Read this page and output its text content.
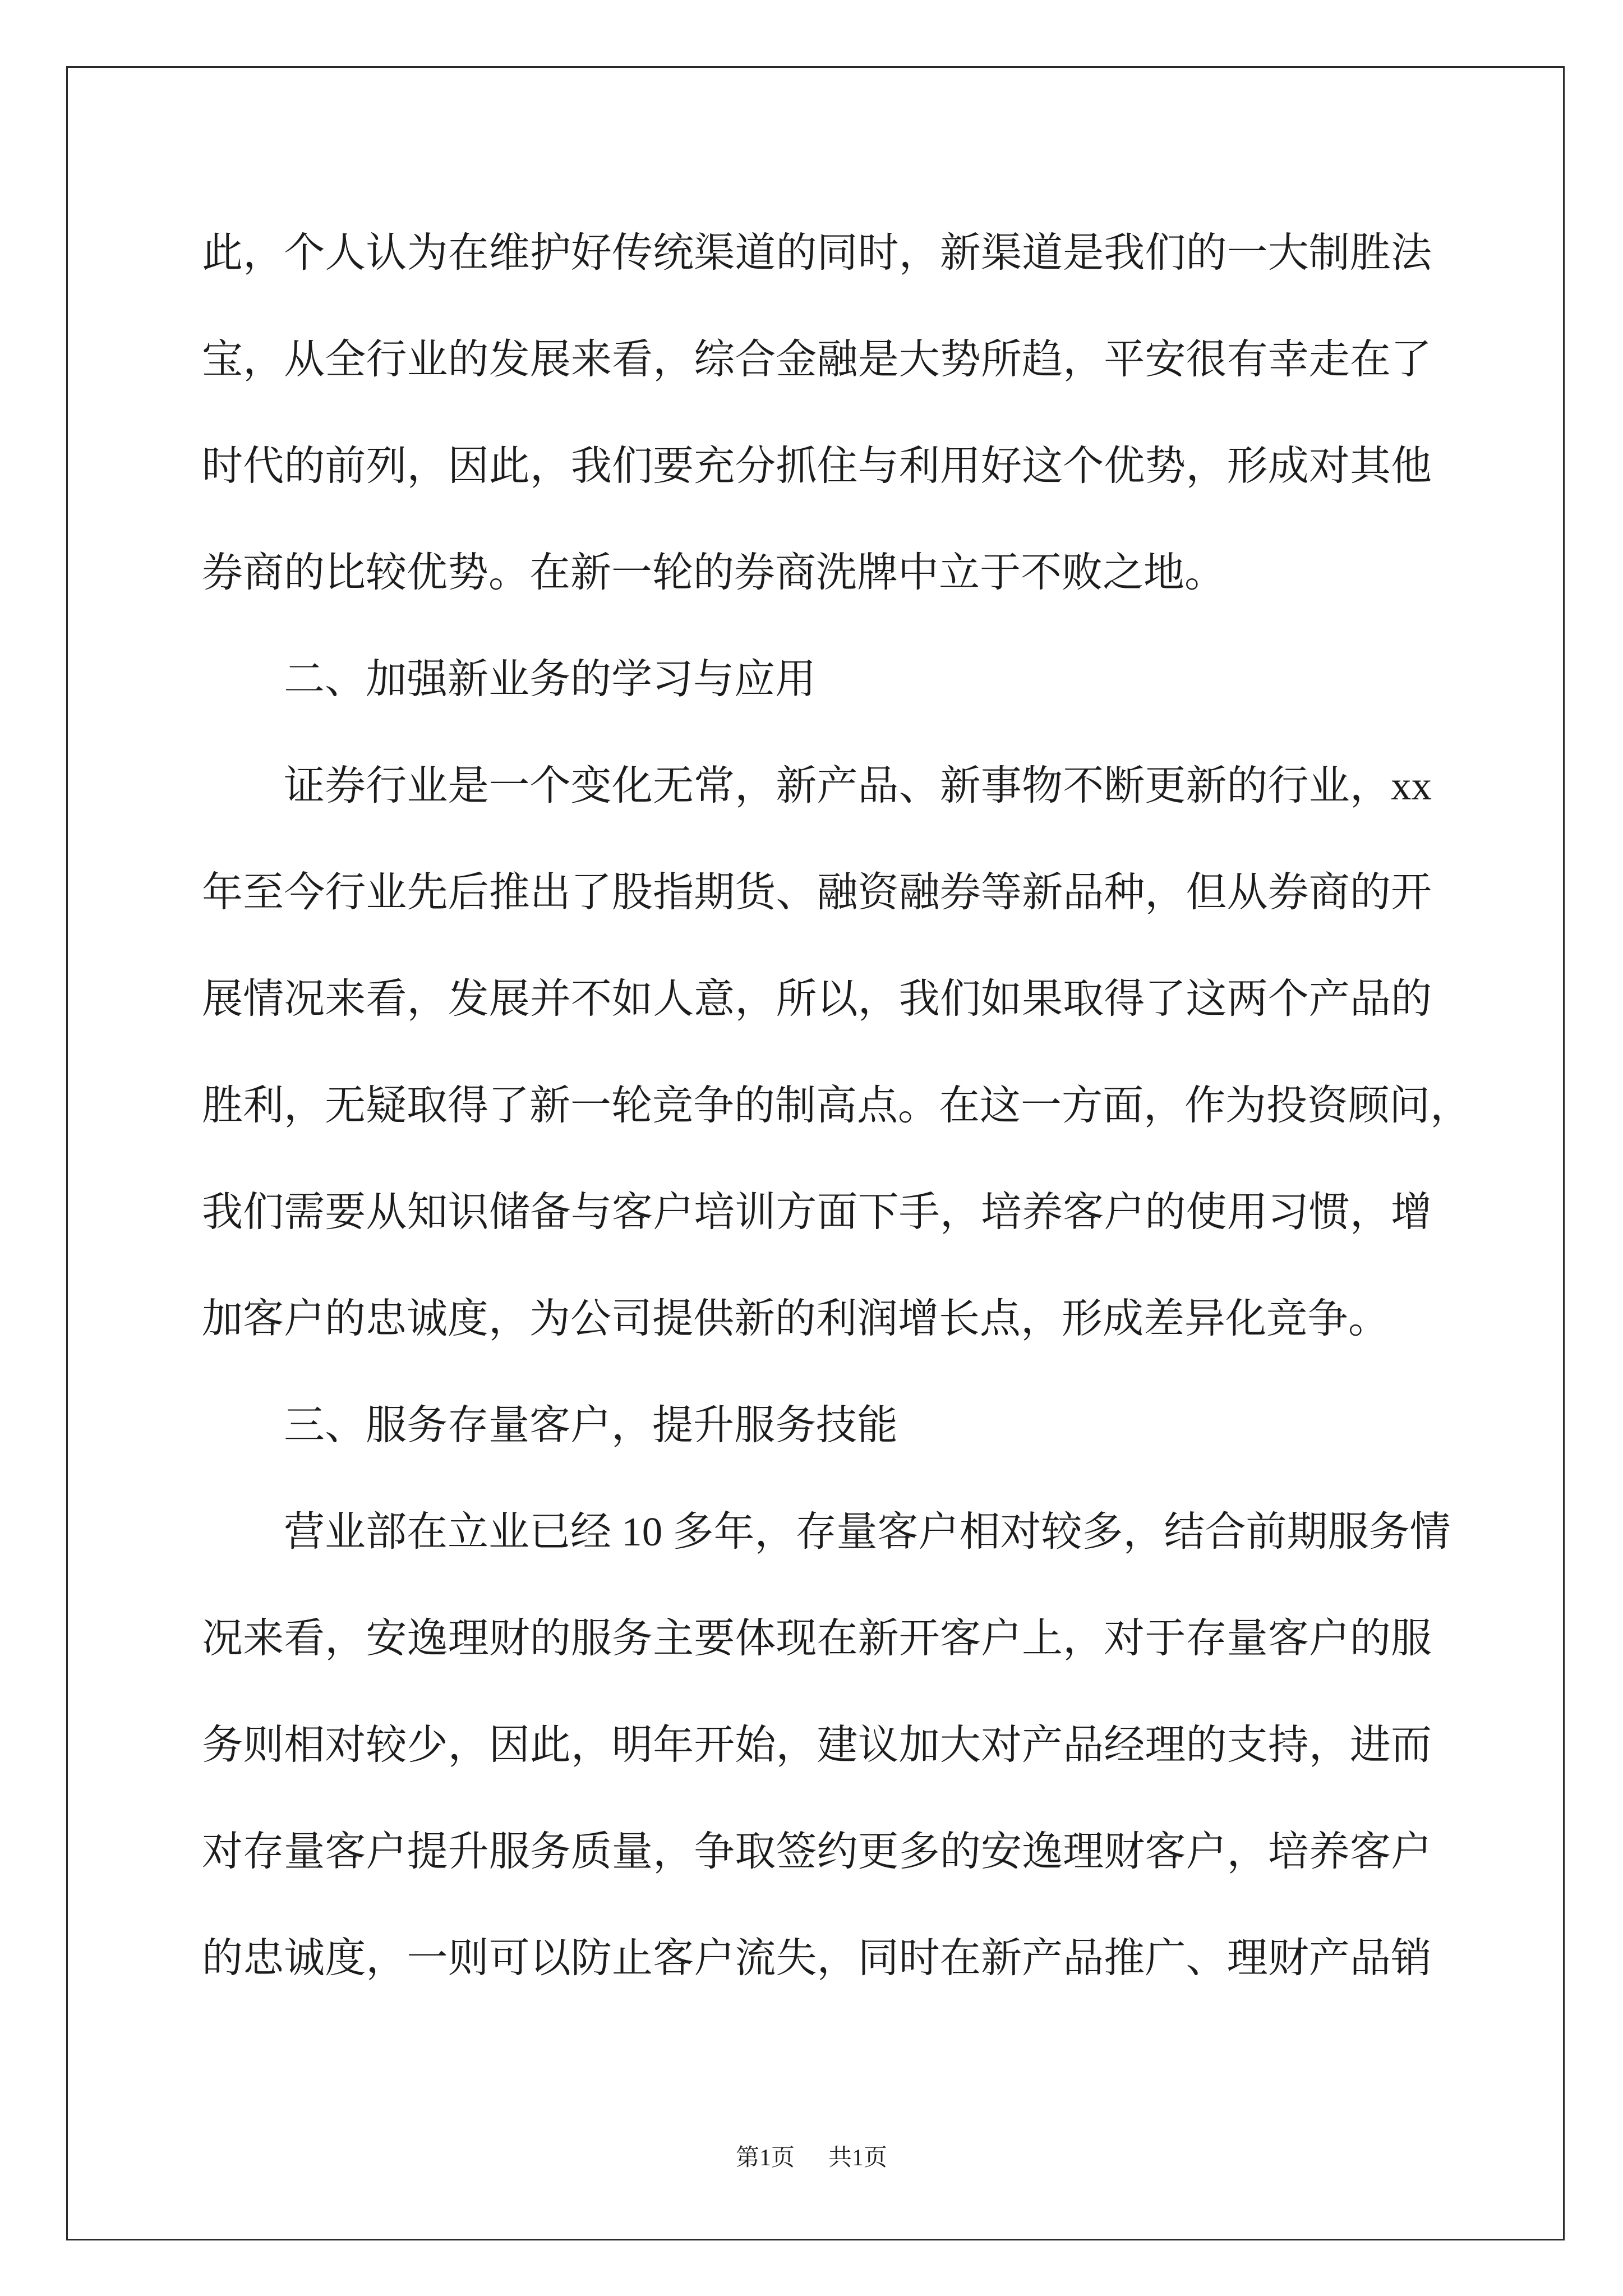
此，个人认为在维护好传统渠道的同时，新渠道是我们的一大制胜法
宝，从全行业的发展来看，综合金融是大势所趋，平安很有幸走在了
时代的前列，因此，我们要充分抓住与利用好这个优势，形成对其他
券商的比较优势。在新一轮的券商洗牌中立于不败之地。
二、加强新业务的学习与应用
证券行业是一个变化无常，新产品、新事物不断更新的行业，xx
年至今行业先后推出了股指期货、融资融券等新品种，但从券商的开
展情况来看，发展并不如人意，所以，我们如果取得了这两个产品的
胜利，无疑取得了新一轮竞争的制高点。在这一方面，作为投资顾问，
我们需要从知识储备与客户培训方面下手，培养客户的使用习惯，增
加客户的忠诚度，为公司提供新的利润增长点，形成差异化竞争。
三、服务存量客户，提升服务技能
营业部在立业已经 10 多年，存量客户相对较多，结合前期服务情
况来看，安逸理财的服务主要体现在新开客户上，对于存量客户的服
务则相对较少，因此，明年开始，建议加大对产品经理的支持，进而
对存量客户提升服务质量，争取签约更多的安逸理财客户，培养客户
的忠诚度，一则可以防止客户流失，同时在新产品推广、理财产品销
第1页 共1页
